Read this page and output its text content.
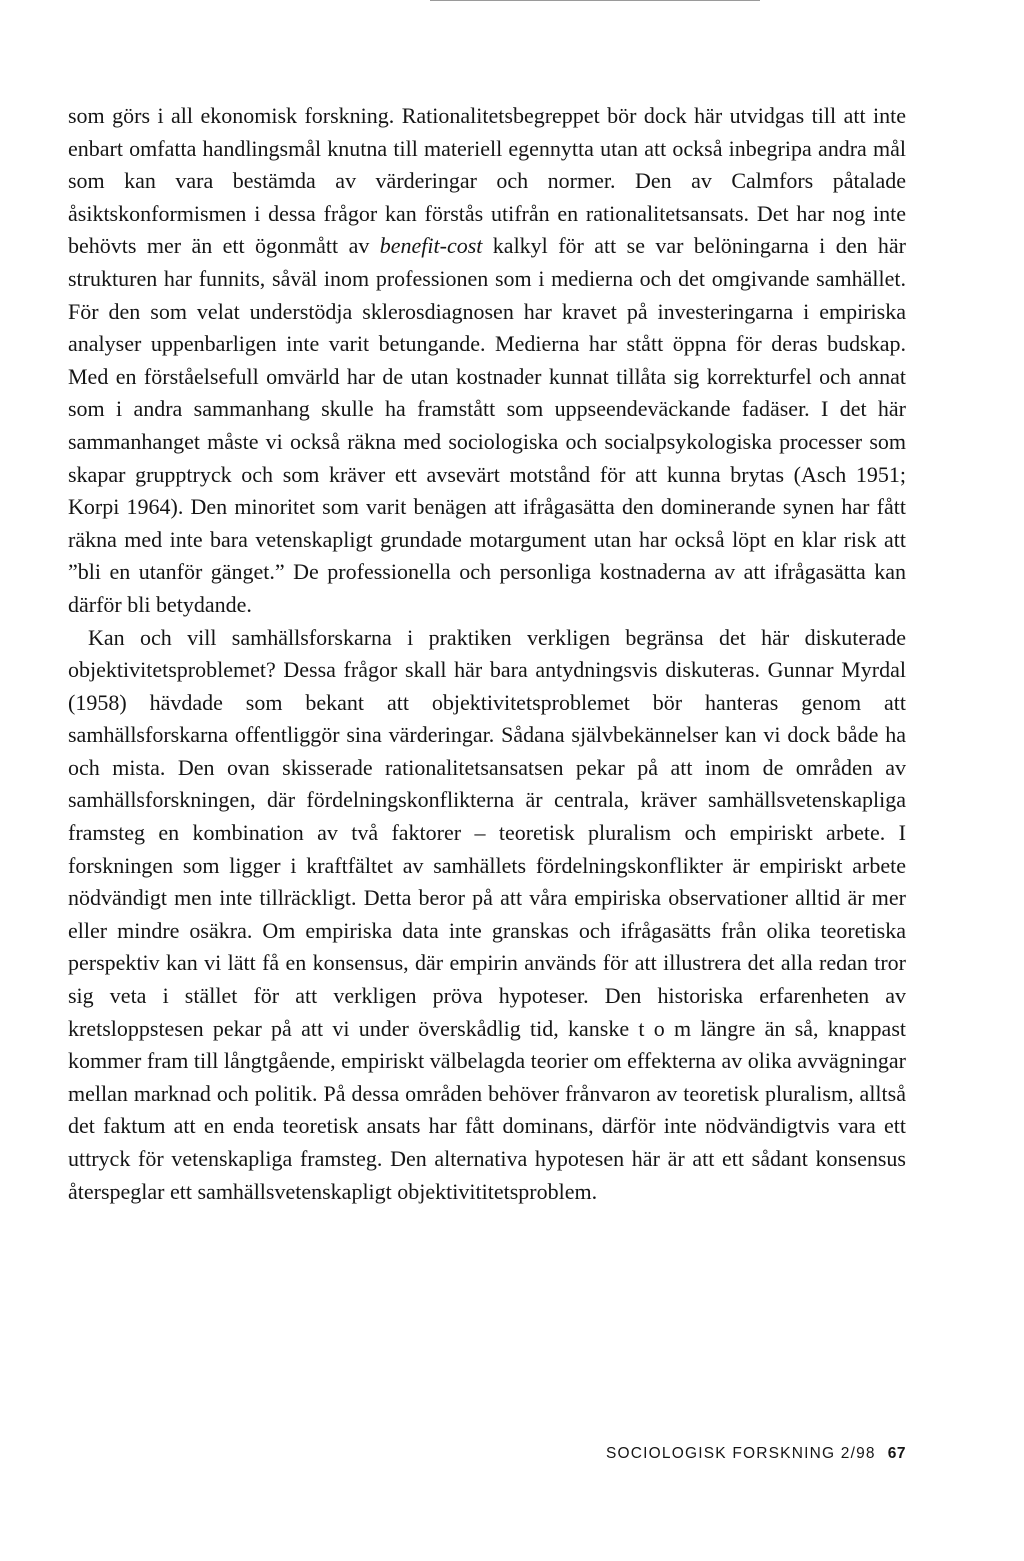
som görs i all ekonomisk forskning. Rationalitetsbegreppet bör dock här utvidgas till att inte enbart omfatta handlingsmål knutna till materiell egennytta utan att också inbegripa andra mål som kan vara bestämda av värderingar och normer. Den av Calmfors påtalade åsiktskonformismen i dessa frågor kan förstås utifrån en rationalitetsansats. Det har nog inte behövts mer än ett ögonmått av benefit-cost kalkyl för att se var belöningarna i den här strukturen har funnits, såväl inom professionen som i medierna och det omgivande samhället. För den som velat understödja sklerosdiagnosen har kravet på investeringarna i empiriska analyser uppenbarligen inte varit betungande. Medierna har stått öppna för deras budskap. Med en förståelsefull omvärld har de utan kostnader kunnat tillåta sig korrekturfel och annat som i andra sammanhang skulle ha framstått som uppseendeväckande fadäser. I det här sammanhanget måste vi också räkna med sociologiska och socialpsykologiska processer som skapar grupptryck och som kräver ett avsevärt motstånd för att kunna brytas (Asch 1951; Korpi 1964). Den minoritet som varit benägen att ifrågasätta den dominerande synen har fått räkna med inte bara vetenskapligt grundade motargument utan har också löpt en klar risk att ”bli en utanför gänget.” De professionella och personliga kostnaderna av att ifrågasätta kan därför bli betydande.

Kan och vill samhällsforskarna i praktiken verkligen begränsa det här diskuterade objektivitetsproblemet? Dessa frågor skall här bara antydningsvis diskuteras. Gunnar Myrdal (1958) hävdade som bekant att objektivitetsproblemet bör hanteras genom att samhällsforskarna offentliggör sina värderingar. Sådana självbekännelser kan vi dock både ha och mista. Den ovan skisserade rationalitetsansatsen pekar på att inom de områden av samhällsforskningen, där fördelningskonflikterna är centrala, kräver samhällsvetenskapliga framsteg en kombination av två faktorer – teoretisk pluralism och empiriskt arbete. I forskningen som ligger i kraftfältet av samhällets fördelningskonflikter är empiriskt arbete nödvändigt men inte tillräckligt. Detta beror på att våra empiriska observationer alltid är mer eller mindre osäkra. Om empiriska data inte granskas och ifrågasätts från olika teoretiska perspektiv kan vi lätt få en konsensus, där empirin används för att illustrera det alla redan tror sig veta i stället för att verkligen pröva hypoteser. Den historiska erfarenheten av kretsloppstesen pekar på att vi under överskådlig tid, kanske t o m längre än så, knappast kommer fram till långtgående, empiriskt välbelagda teorier om effekterna av olika avvägningar mellan marknad och politik. På dessa områden behöver frånvaron av teoretisk pluralism, alltså det faktum att en enda teoretisk ansats har fått dominans, därför inte nödvändigtvis vara ett uttryck för vetenskapliga framsteg. Den alternativa hypotesen här är att ett sådant konsensus återspeglar ett samhällsvetenskapligt objektivititetsproblem.

SOCIOLOGISK FORSKNING 2/98 67
